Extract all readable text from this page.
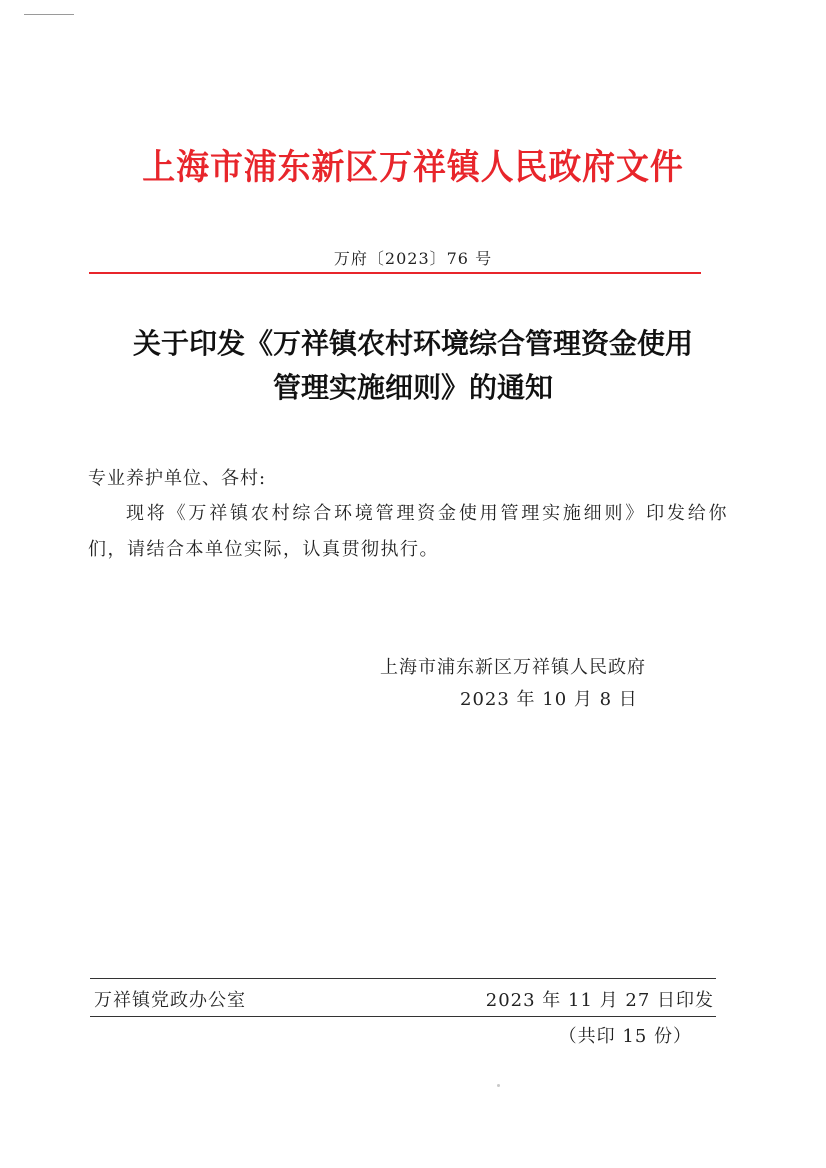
上海市浦东新区万祥镇人民政府文件
万府〔2023〕76 号
关于印发《万祥镇农村环境综合管理资金使用
管理实施细则》的通知
专业养护单位、各村:
现将《万祥镇农村综合环境管理资金使用管理实施细则》印发给你们，请结合本单位实际，认真贯彻执行。
上海市浦东新区万祥镇人民政府
2023 年 10 月 8 日
万祥镇党政办公室	2023 年 11 月 27 日印发
（共印 15 份）
